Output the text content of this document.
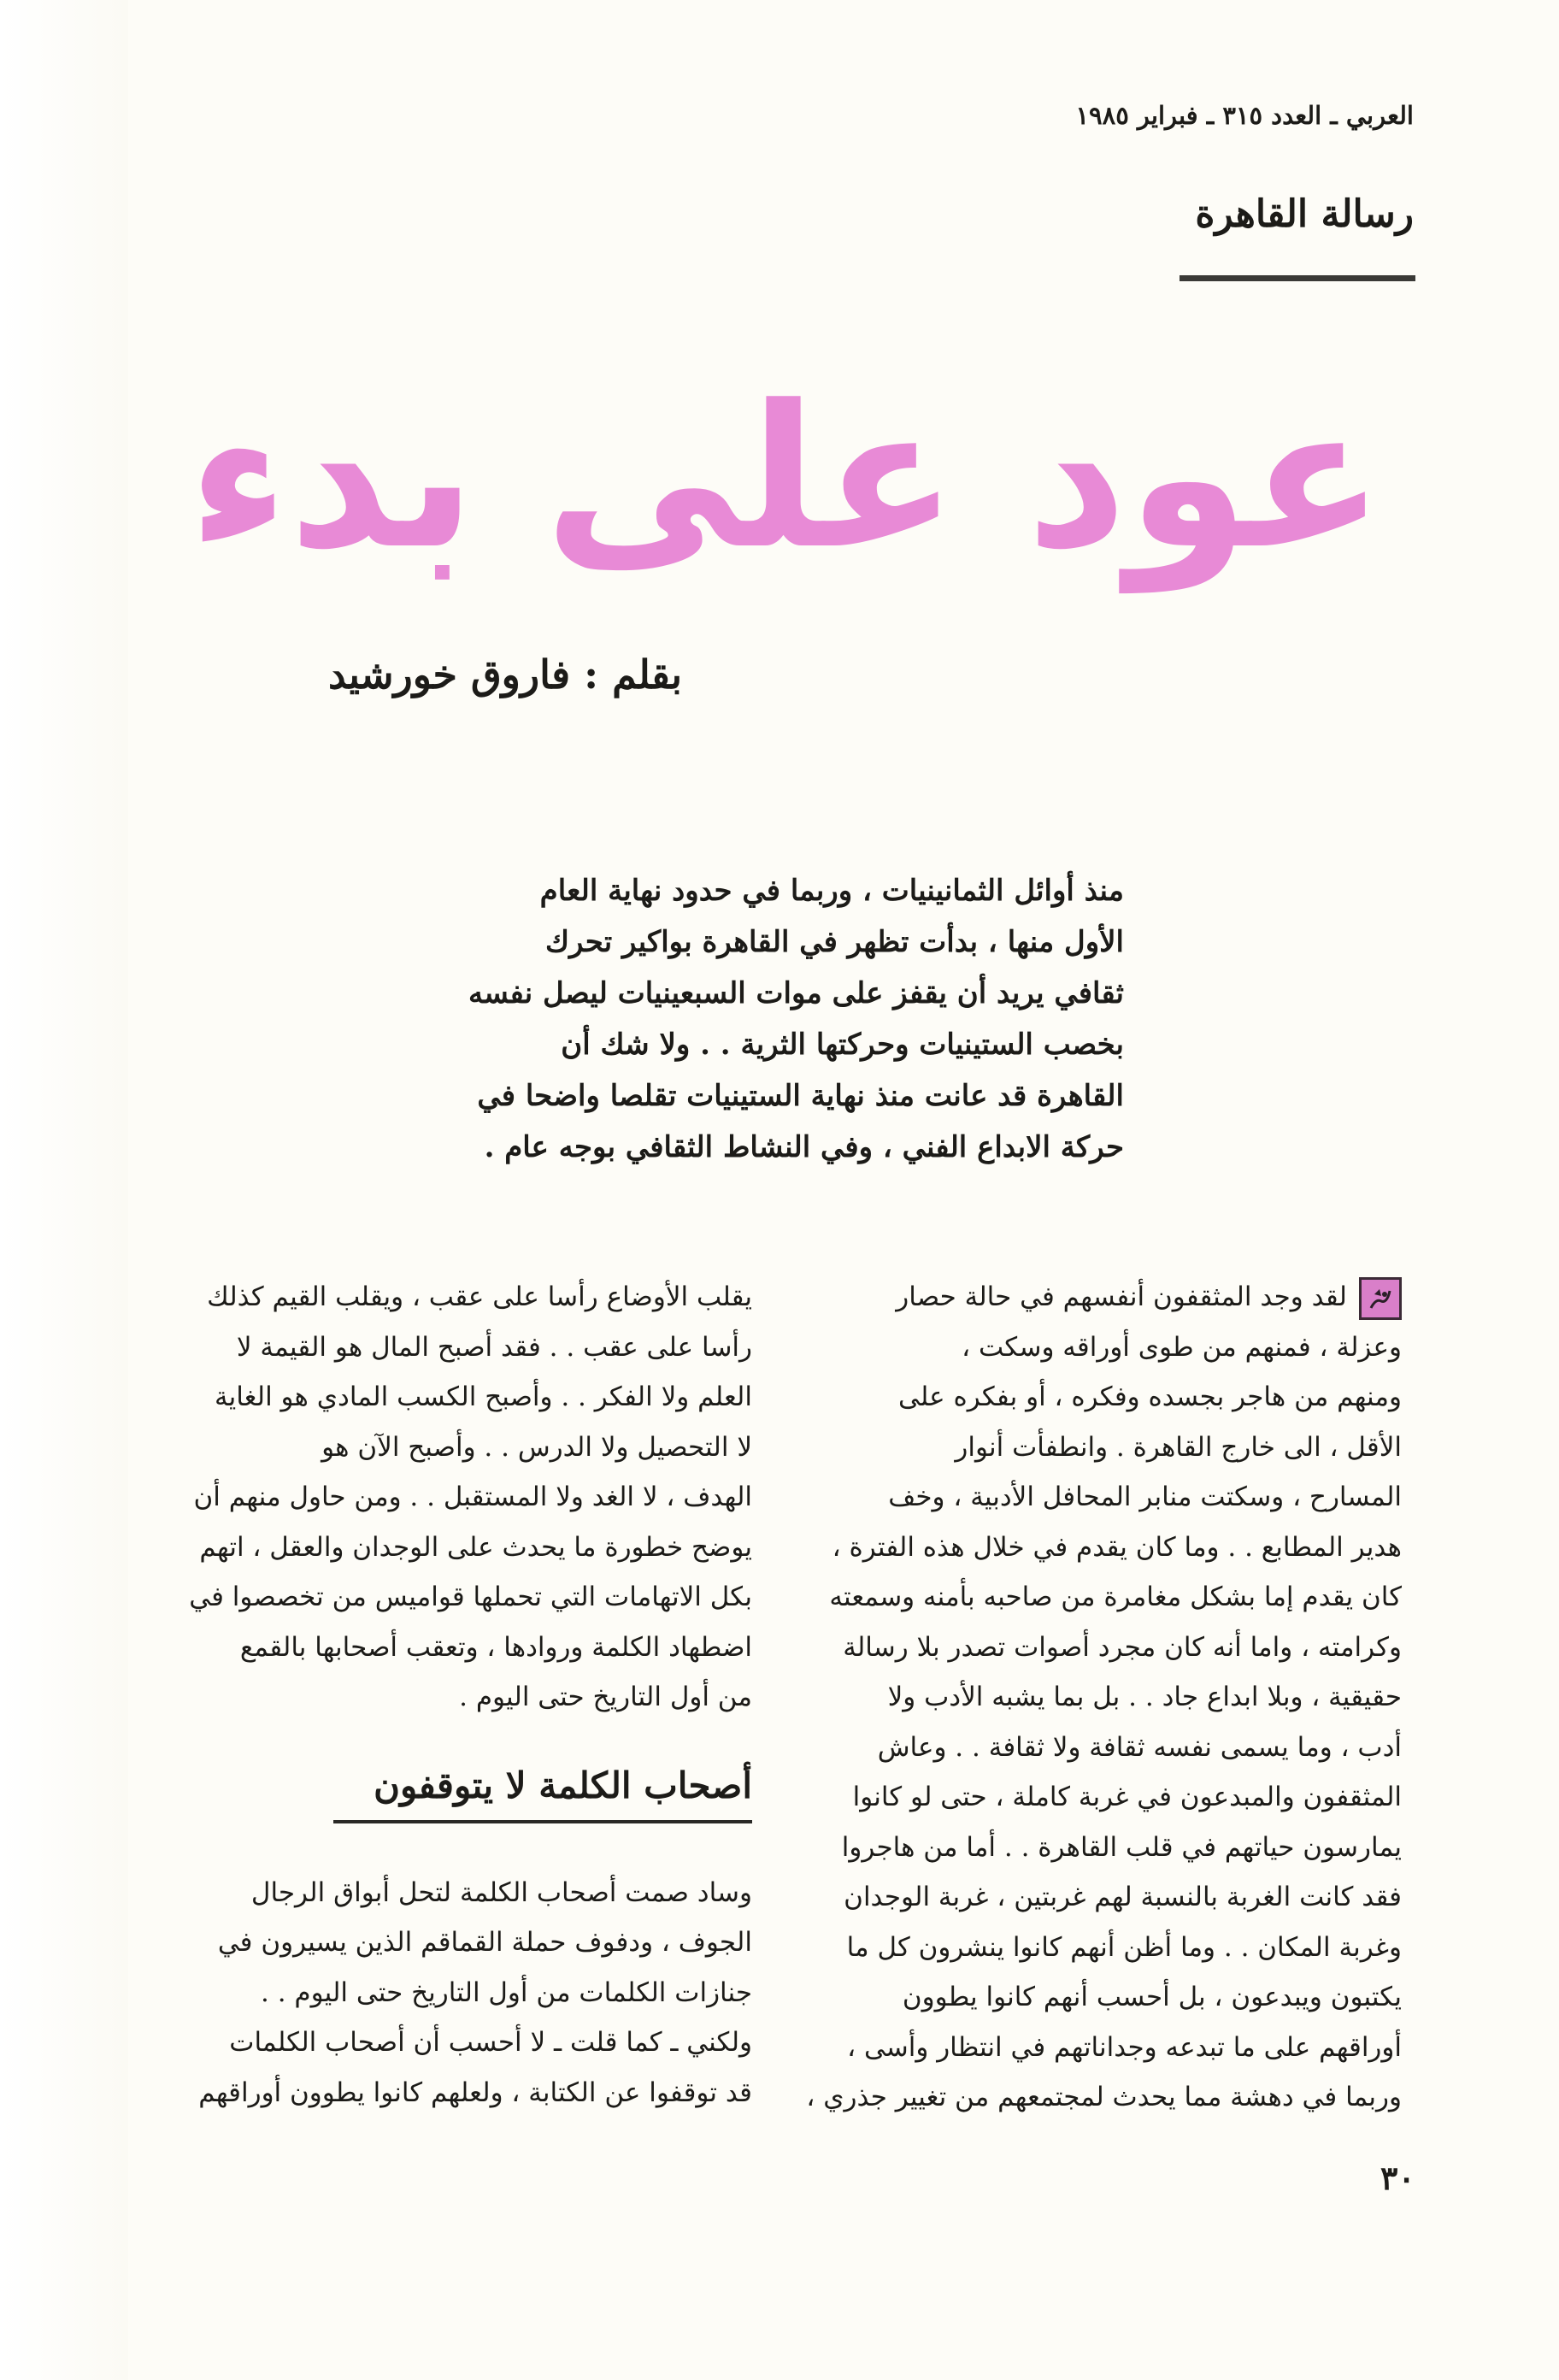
العربي ـ العدد ٣١٥ ـ فبراير ١٩٨٥
رسالة القاهرة
عود على بدء
بقلم : فاروق خورشيد

منذ أوائل الثمانينيات ، وربما في حدود نهاية العام

الأول منها ، بدأت تظهر في القاهرة بواكير تحرك

ثقافي يريد أن يقفز على موات السبعينيات ليصل نفسه

بخصب الستينيات وحركتها الثرية . . ولا شك أن

القاهرة قد عانت منذ نهاية الستينيات تقلصا واضحا في

حركة الابداع الفني ، وفي النشاط الثقافي بوجه عام .

لقد وجد المثقفون أنفسهم في حالة حصار

وعزلة ، فمنهم من طوى أوراقه وسكت ،

ومنهم من هاجر بجسده وفكره ، أو بفكره على

الأقل ، الى خارج القاهرة . وانطفأت أنوار

المسارح ، وسكتت منابر المحافل الأدبية ، وخف

هدير المطابع . . وما كان يقدم في خلال هذه الفترة ،

كان يقدم إما بشكل مغامرة من صاحبه بأمنه وسمعته

وكرامته ، واما أنه كان مجرد أصوات تصدر بلا رسالة

حقيقية ، وبلا ابداع جاد . . بل بما يشبه الأدب ولا

أدب ، وما يسمى نفسه ثقافة ولا ثقافة . . وعاش

المثقفون والمبدعون في غربة كاملة ، حتى لو كانوا

يمارسون حياتهم في قلب القاهرة . . أما من هاجروا

فقد كانت الغربة بالنسبة لهم غربتين ، غربة الوجدان

وغربة المكان . . وما أظن أنهم كانوا ينشرون كل ما

يكتبون ويبدعون ، بل أحسب أنهم كانوا يطوون

أوراقهم على ما تبدعه وجداناتهم في انتظار وأسى ،

وربما في دهشة مما يحدث لمجتمعهم من تغيير جذري ،

يقلب الأوضاع رأسا على عقب ، ويقلب القيم كذلك

رأسا على عقب . . فقد أصبح المال هو القيمة لا

العلم ولا الفكر . . وأصبح الكسب المادي هو الغاية

لا التحصيل ولا الدرس . . وأصبح الآن هو

الهدف ، لا الغد ولا المستقبل . . ومن حاول منهم أن

يوضح خطورة ما يحدث على الوجدان والعقل ، اتهم

بكل الاتهامات التي تحملها قواميس من تخصصوا في

اضطهاد الكلمة وروادها ، وتعقب أصحابها بالقمع

من أول التاريخ حتى اليوم .

أصحاب الكلمة لا يتوقفون

وساد صمت أصحاب الكلمة لتحل أبواق الرجال

الجوف ، ودفوف حملة القماقم الذين يسيرون في

جنازات الكلمات من أول التاريخ حتى اليوم . .

ولكني ـ كما قلت ـ لا أحسب أن أصحاب الكلمات

قد توقفوا عن الكتابة ، ولعلهم كانوا يطوون أوراقهم

٣٠
